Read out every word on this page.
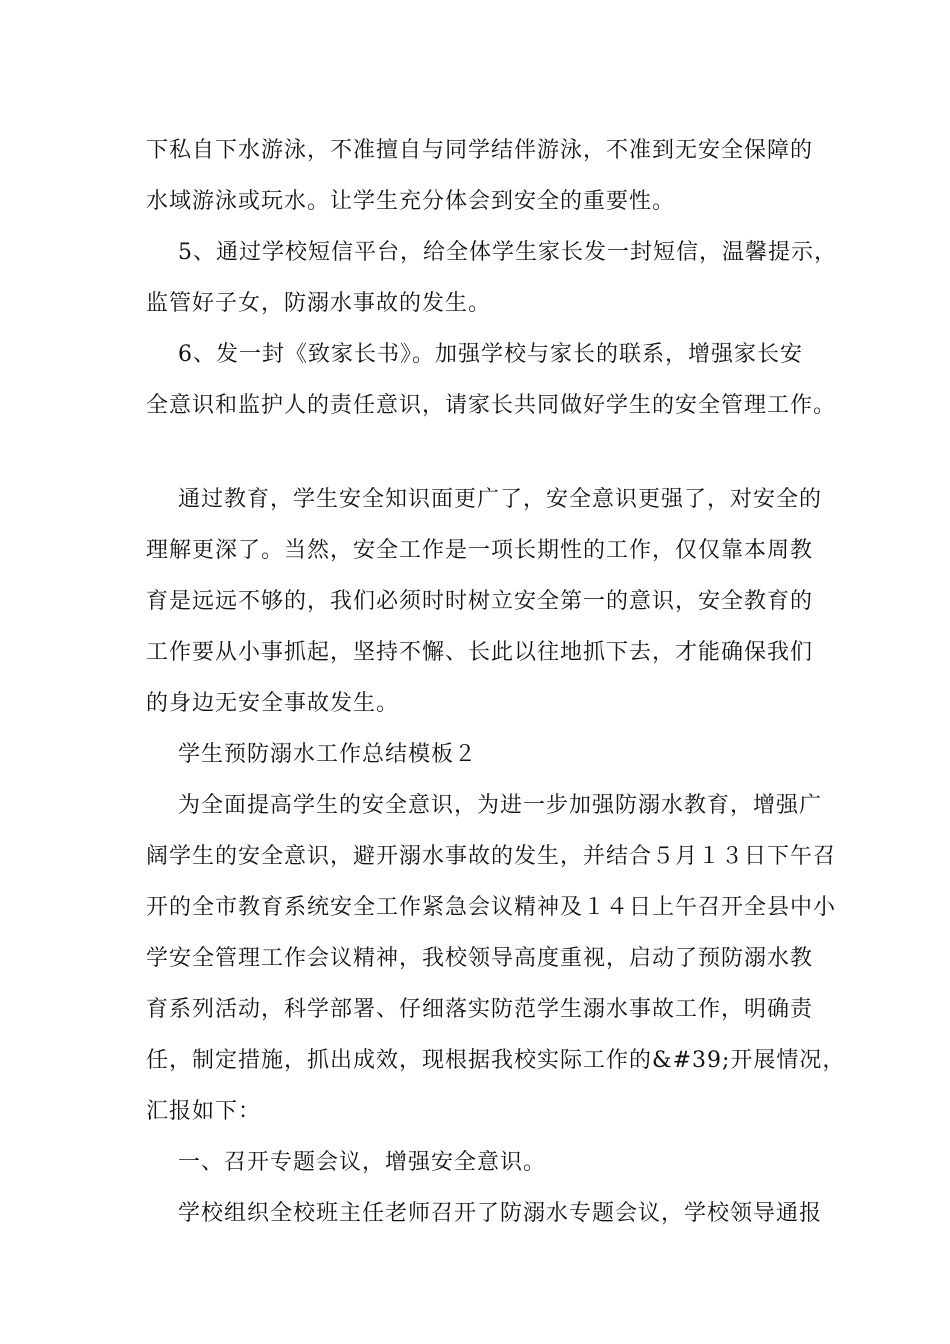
下私自下水游泳，不准擅自与同学结伴游泳，不准到无安全保障的
水域游泳或玩水。让学生充分体会到安全的重要性。
5、通过学校短信平台，给全体学生家长发一封短信，温馨提示，
监管好子女，防溺水事故的发生。
6、发一封《致家长书》。加强学校与家长的联系，增强家长安
全意识和监护人的责任意识，请家长共同做好学生的安全管理工作。
通过教育，学生安全知识面更广了，安全意识更强了，对安全的
理解更深了。当然，安全工作是一项长期性的工作，仅仅靠本周教
育是远远不够的，我们必须时时树立安全第一的意识，安全教育的
工作要从小事抓起，坚持不懈、长此以往地抓下去，才能确保我们
的身边无安全事故发生。
学生预防溺水工作总结模板２
为全面提高学生的安全意识，为进一步加强防溺水教育，增强广
阔学生的安全意识，避开溺水事故的发生，并结合５月１３日下午召
开的全市教育系统安全工作紧急会议精神及１４日上午召开全县中小
学安全管理工作会议精神，我校领导高度重视，启动了预防溺水教
育系列活动，科学部署、仔细落实防范学生溺水事故工作，明确责
任，制定措施，抓出成效，现根据我校实际工作的&#39;开展情况，
汇报如下：
一、召开专题会议，增强安全意识。
学校组织全校班主任老师召开了防溺水专题会议，学校领导通报
